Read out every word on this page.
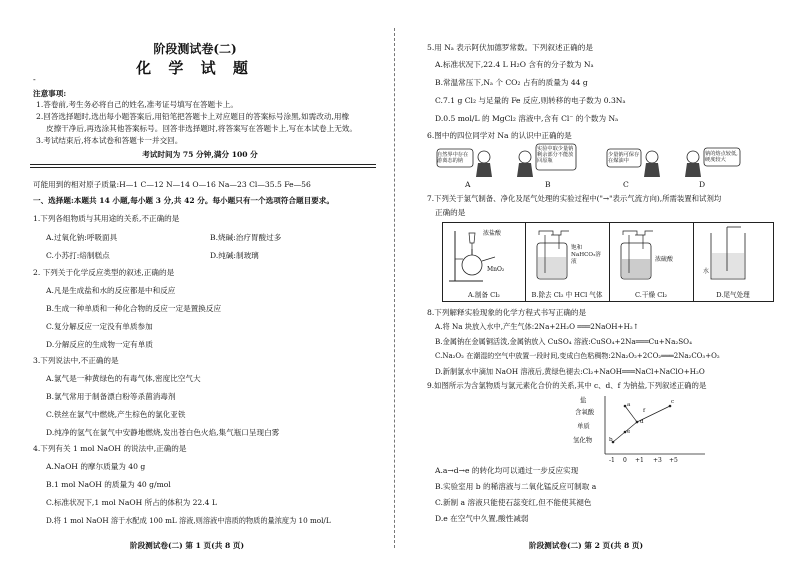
阶段测试卷(二)
化 学 试 题
-
注意事项:
1.答卷前,考生务必将自己的姓名,准考证号填写在答题卡上。
2.回答选择题时,选出每小题答案后,用铅笔把答题卡上对应题目的答案标号涂黑,如需改动,用橡
皮擦干净后,再选涂其他答案标号。回答非选择题时,将答案写在答题卡上,写在本试卷上无效。
3.考试结束后,将本试卷和答题卡一并交回。
考试时间为 75 分钟,满分 100 分
可能用到的相对原子质量:H—1 C—12 N—14 O—16 Na—23 Cl—35.5 Fe—56
一、选择题:本题共 14 小题,每小题 3 分,共 42 分。每小题只有一个选项符合题目要求。
1.下列各组物质与其用途的关系,不正确的是
A.过氧化钠:呼吸面具	B.烧碱:治疗胃酸过多
C.小苏打:焙制糕点	D.纯碱:制玻璃
2. 下列关于化学反应类型的叙述,正确的是
A.凡是生成盐和水的反应都是中和反应
B.生成一种单质和一种化合物的反应一定是置换反应
C.复分解反应一定没有单质参加
D.分解反应的生成物一定有单质
3.下列说法中,不正确的是
A.氯气是一种黄绿色的有毒气体,密度比空气大
B.氯气常用于制备漂白粉等杀菌消毒剂
C.铁丝在氯气中燃烧,产生棕色的氯化亚铁
D.纯净的氢气在氯气中安静地燃烧,发出苍白色火焰,集气瓶口呈现白雾
4.下列有关 1 mol NaOH 的说法中,正确的是
A.NaOH 的摩尔质量为 40 g
B.1 mol NaOH 的质量为 40 g/mol
C.标准状况下,1 mol NaOH 所占的体积为 22.4 L
D.将 1 mol NaOH 溶于水配成 100 mL 溶液,则溶液中溶质的物质的量浓度为 10 mol/L
阶段测试卷(二) 第 1 页(共 8 页)
5.用 Nₐ 表示阿伏加德罗常数。下列叙述正确的是
A.标准状况下,22.4 L H₂O 含有的分子数为 Nₐ
B.常温常压下,Nₐ 个 CO₂ 占有的质量为 44 g
C.7.1 g Cl₂ 与足量的 Fe 反应,则转移的电子数为 0.3Nₐ
D.0.5 mol/L 的 MgCl₂ 溶液中,含有 Cl⁻ 的个数为 Nₐ
6.图中的四位同学对 Na 的认识中正确的是
自然界中存在游离态的钠
实验中取少量钠剩余部分不能放回原瓶
少量钠可保存在煤油中
钠的熔点较低,硬度较大
A	B	C	D
7.下列关于氯气制备、净化及尾气处理的实验过程中("→"表示气流方向),所需装置和试剂均
正确的是
浓盐酸
MnO₂
A.制备 Cl₂
饱和NaHCO₃溶液
B.除去 Cl₂ 中 HCl 气体
浓硫酸
C.干燥 Cl₂
水
D.尾气处理
8.下列解释实验现象的化学方程式书写正确的是
A.将 Na 块放入水中,产生气体:2Na+2H₂O ═══2NaOH+H₂↑
B.金属钠在金属铜活泼,金属钠放入 CuSO₄ 溶液:CuSO₄+2Na═══Cu+Na₂SO₄
C.Na₂O₂ 在潮湿的空气中放置一段时间,变成白色粘稠物:2Na₂O₂+2CO₂═══2Na₂CO₃+O₂
D.新制氯水中滴加 NaOH 溶液后,黄绿色褪去:Cl₂+NaOH═══NaCl+NaClO+H₂O
9.如图所示为含氯物质与氯元素化合价的关系,其中 c、d、f 为钠盐,下列叙述正确的是
盐
含氧酸
单质
氢化物
-1 0 +1 +3 +5
a
b
c
d
e
f
A.a→d→e 的转化均可以通过一步反应实现
B.实验室用 b 的稀溶液与二氧化锰反应可制取 a
C.新制 a 溶液只能使石蕊变红,但不能使其褪色
D.e 在空气中久置,酸性减弱
阶段测试卷(二) 第 2 页(共 8 页)
